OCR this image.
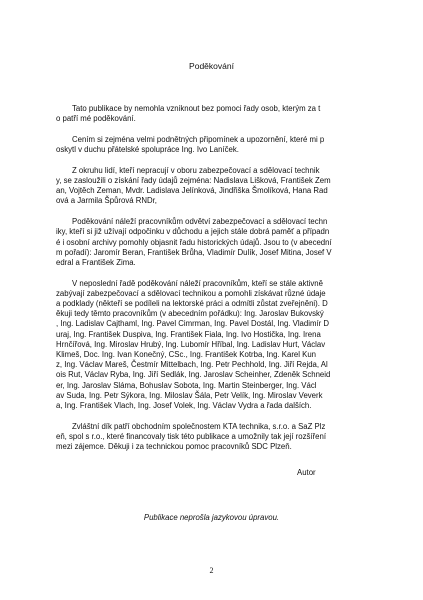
Poděkování

Tato publikace by nemohla vzniknout bez pomoci řady osob, kterým za t
o patří mé poděkování.

Cením si zejména velmi podnětných připomínek a upozornění, které mi p
oskytl v duchu přátelské spolupráce Ing. Ivo Laníček.

Z okruhu lidí, kteří nepracují v oboru zabezpečovací a sdělovací technik
y, se zasloužili o získání řady údajů zejména: Nadislava Lišková, František Zem
an, Vojtěch Zeman, Mvdr. Ladislava Jelínková, Jindřiška Šmolíková, Hana Rad
ová a Jarmila Špůrová RNDr,

Poděkování náleží pracovníkům odvětví zabezpečovací a sdělovací techn
iky, kteří si již užívají odpočinku v důchodu a jejich stále dobrá paměť a případn
é i osobní archivy pomohly objasnit řadu historických údajů. Jsou to (v abecední
m pořadí): Jaromír Beran, František Brůha, Vladimír Dulík, Josef Mitina, Josef V
edral a František Zima.

V neposlední řadě poděkování náleží pracovníkům, kteří se stále aktivně
zabývají zabezpečovací a sdělovací technikou a pomohli získávat různé údaje
a podklady (někteří se podíleli na lektorské práci a odmítli zůstat zveřejněni). D
ěkuji tedy těmto pracovníkům (v abecedním pořádku): Ing. Jaroslav Bukovský
, Ing. Ladislav Cajthaml, Ing. Pavel Cimrman, Ing. Pavel Dostál, Ing. Vladimír D
uraj, Ing. František Duspiva, Ing. František Fiala, Ing. Ivo Hostička, Ing. Irena
Hrnčířová, Ing. Miroslav Hrubý, Ing. Lubomír Hříbal, Ing. Ladislav Hurt, Václav
Klimeš, Doc. Ing. Ivan Konečný, CSc., Ing. František Kotrba, Ing. Karel Kun
z, Ing. Václav Mareš, Čestmír Mittelbach, Ing. Petr Pechhold, Ing. Jiří Rejda, Al
ois Rut, Václav Ryba, Ing. Jiří Sedlák, Ing. Jaroslav Scheinher, Zdeněk Schneid
er, Ing. Jaroslav Sláma, Bohuslav Sobota, Ing. Martin Steinberger, Ing. Václ
av Suda, Ing. Petr Sýkora, Ing. Miloslav Šála, Petr Velík, Ing. Miroslav Veverk
a, Ing. František Vlach, Ing. Josef Volek, Ing. Václav Vydra a řada dalších.

Zvláštní dík patří obchodním společnostem KTA technika, s.r.o. a SaZ Plz
eň, spol s r.o., které financovaly tisk této publikace a umožnily tak její rozšíření
mezi zájemce. Děkuji i za technickou pomoc pracovníků SDC Plzeň.

Autor
Publikace neprošla jazykovou úpravou.
2
